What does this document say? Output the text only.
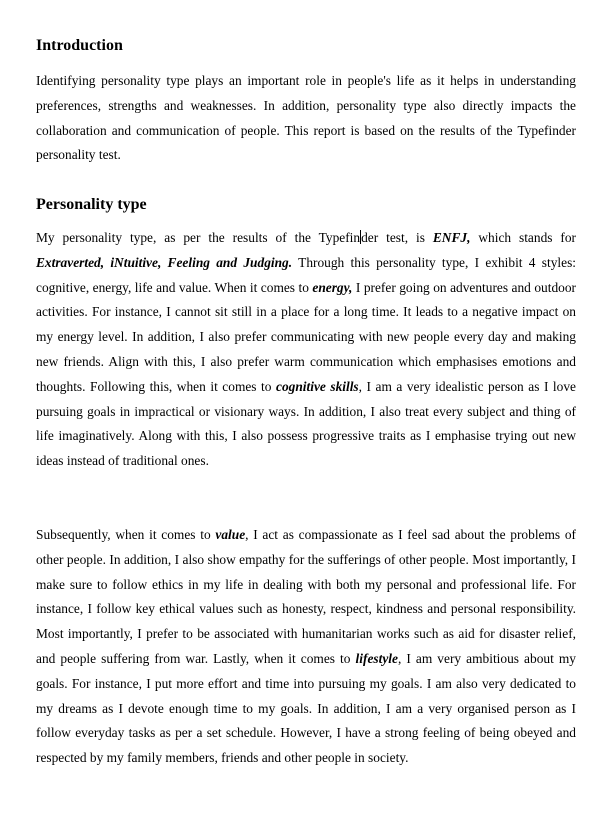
Introduction

Identifying personality type plays an important role in people's life as it helps in understanding preferences, strengths and weaknesses. In addition, personality type also directly impacts the collaboration and communication of people. This report is based on the results of the Typefinder personality test.

Personality type

My personality type, as per the results of the Typefinder test, is ENFJ, which stands for Extraverted, iNtuitive, Feeling and Judging. Through this personality type, I exhibit 4 styles: cognitive, energy, life and value. When it comes to energy, I prefer going on adventures and outdoor activities. For instance, I cannot sit still in a place for a long time. It leads to a negative impact on my energy level. In addition, I also prefer communicating with new people every day and making new friends. Align with this, I also prefer warm communication which emphasises emotions and thoughts. Following this, when it comes to cognitive skills, I am a very idealistic person as I love pursuing goals in impractical or visionary ways. In addition, I also treat every subject and thing of life imaginatively. Along with this, I also possess progressive traits as I emphasise trying out new ideas instead of traditional ones.

Subsequently, when it comes to value, I act as compassionate as I feel sad about the problems of other people. In addition, I also show empathy for the sufferings of other people. Most importantly, I make sure to follow ethics in my life in dealing with both my personal and professional life. For instance, I follow key ethical values such as honesty, respect, kindness and personal responsibility. Most importantly, I prefer to be associated with humanitarian works such as aid for disaster relief, and people suffering from war. Lastly, when it comes to lifestyle, I am very ambitious about my goals. For instance, I put more effort and time into pursuing my goals. I am also very dedicated to my dreams as I devote enough time to my goals. In addition, I am a very organised person as I follow everyday tasks as per a set schedule. However, I have a strong feeling of being obeyed and respected by my family members, friends and other people in society.
